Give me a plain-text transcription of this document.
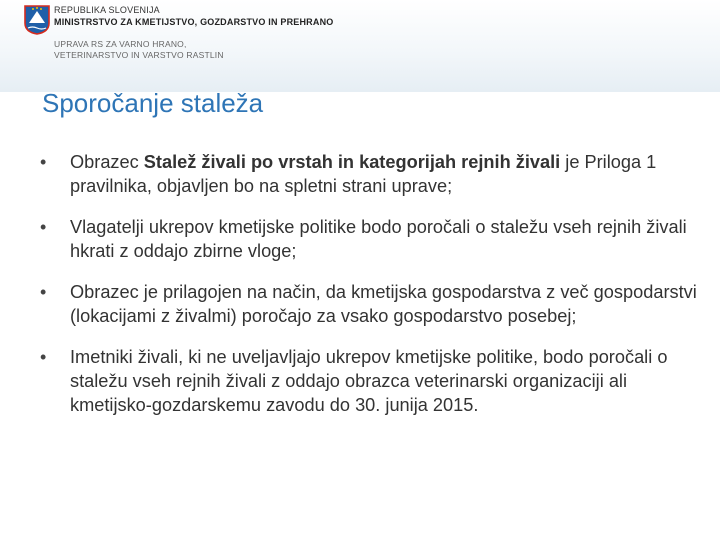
REPUBLIKA SLOVENIJA
MINISTRSTVO ZA KMETIJSTVO, GOZDARSTVO IN PREHRANO
UPRAVA RS ZA VARNO HRANO,
VETERINARSTVO IN VARSTVO RASTLIN
Sporočanje staleža
• Obrazec Stalež živali po vrstah in kategorijah rejnih živali je Priloga 1 pravilnika, objavljen bo na spletni strani uprave;
• Vlagatelji ukrepov kmetijske politike bodo poročali o staležu vseh rejnih živali hkrati z oddajo zbirne vloge;
• Obrazec je prilagojen na način, da kmetijska gospodarstva z več gospodarstvi (lokacijami z živalmi) poročajo za vsako gospodarstvo posebej;
• Imetniki živali, ki ne uveljavljajo ukrepov kmetijske politike, bodo poročali o staležu vseh rejnih živali z oddajo obrazca veterinarski organizaciji ali kmetijsko-gozdarskemu zavodu do 30. junija 2015.
